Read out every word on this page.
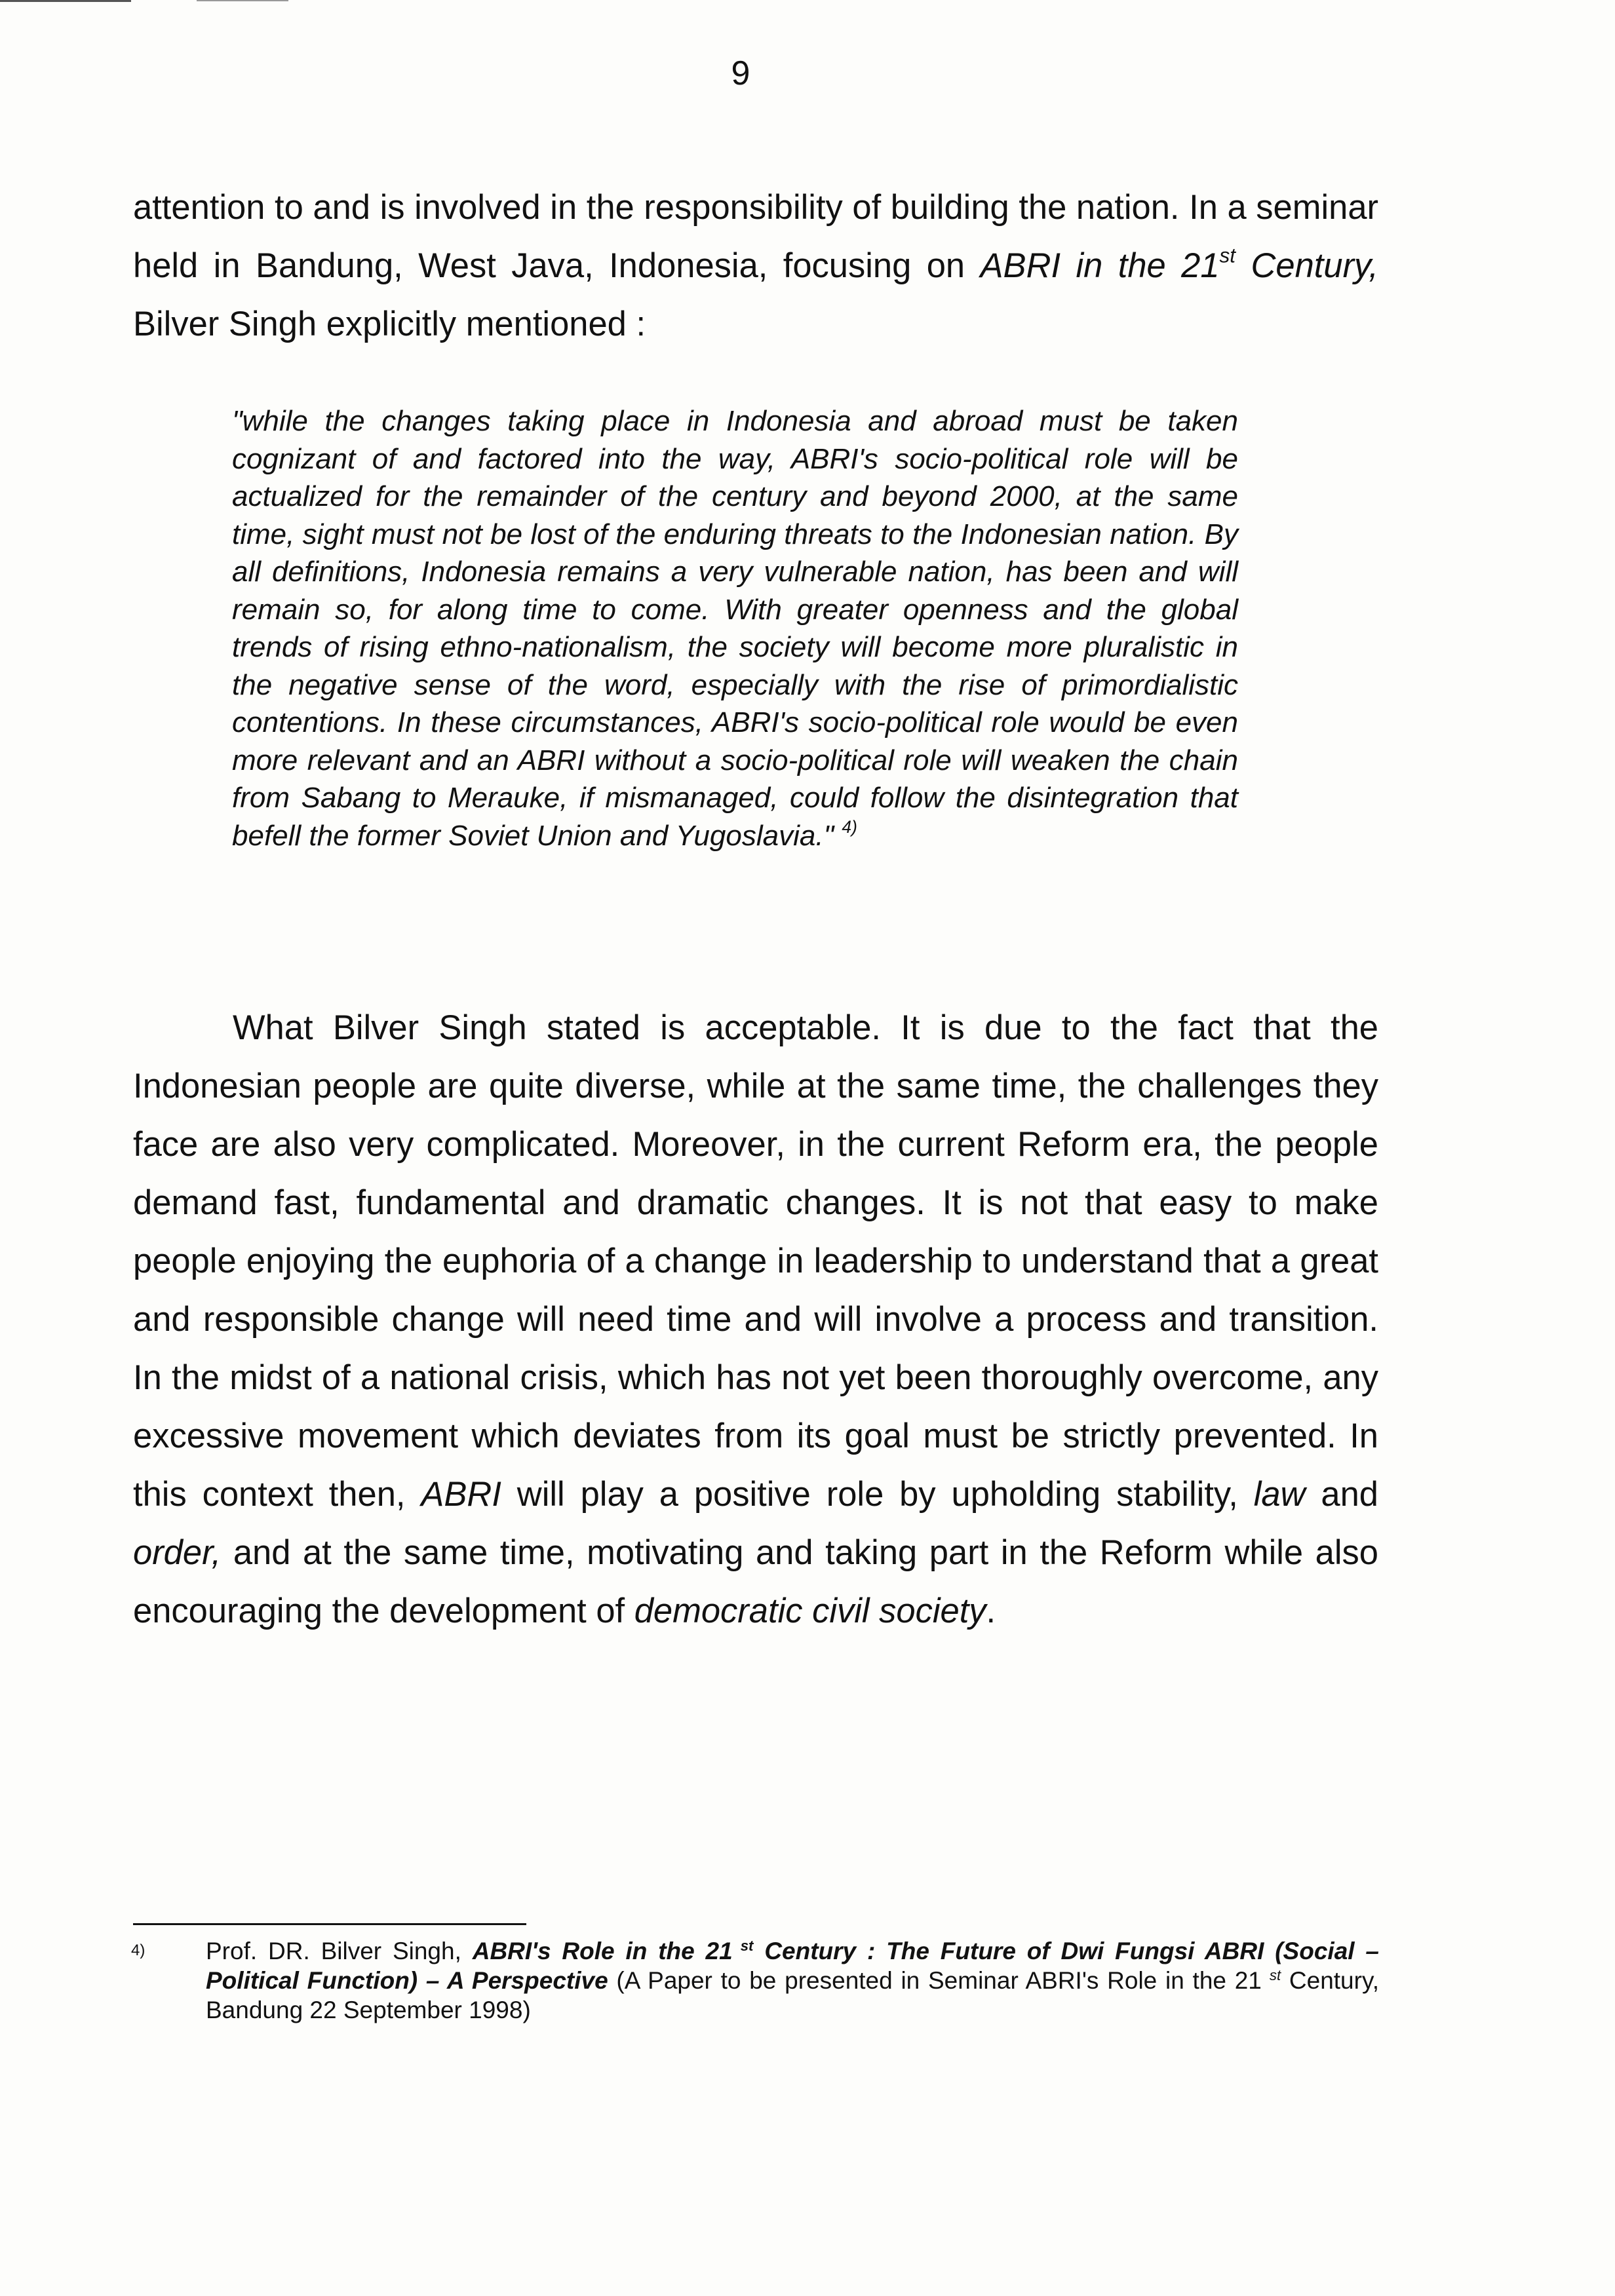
9

attention to and is involved in the responsibility of building the nation. In a seminar held in Bandung, West Java, Indonesia, focusing on ABRI in the 21st Century, Bilver Singh explicitly mentioned :

"while the changes taking place in Indonesia and abroad must be taken cognizant of and factored into the way, ABRI's socio-political role will be actualized for the remainder of the century and beyond 2000, at the same time, sight must not be lost of the enduring threats to the Indonesian nation. By all definitions, Indonesia remains a very vulnerable nation, has been and will remain so, for along time to come. With greater openness and the global trends of rising ethno-nationalism, the society will become more pluralistic in the negative sense of the word, especially with the rise of primordialistic contentions. In these circumstances, ABRI's socio-political role would be even more relevant and an ABRI without a socio-political role will weaken the chain from Sabang to Merauke, if mismanaged, could follow the disintegration that befell the former Soviet Union and Yugoslavia." $^{4)}$

What Bilver Singh stated is acceptable. It is due to the fact that the Indonesian people are quite diverse, while at the same time, the challenges they face are also very complicated. Moreover, in the current Reform era, the people demand fast, fundamental and dramatic changes. It is not that easy to make people enjoying the euphoria of a change in leadership to understand that a great and responsible change will need time and will involve a process and transition. In the midst of a national crisis, which has not yet been thoroughly overcome, any excessive movement which deviates from its goal must be strictly prevented. In this context then, ABRI will play a positive role by upholding stability, law and order, and at the same time, motivating and taking part in the Reform while also encouraging the development of democratic civil society.

4)	Prof. DR. Bilver Singh, ABRI's Role in the 21 $^{st}$ Century : The Future of Dwi Fungsi ABRI (Social –Political Function) – A Perspective (A Paper to be presented in Seminar ABRI's Role in the 21 $^{st}$ Century, Bandung 22 September 1998)
